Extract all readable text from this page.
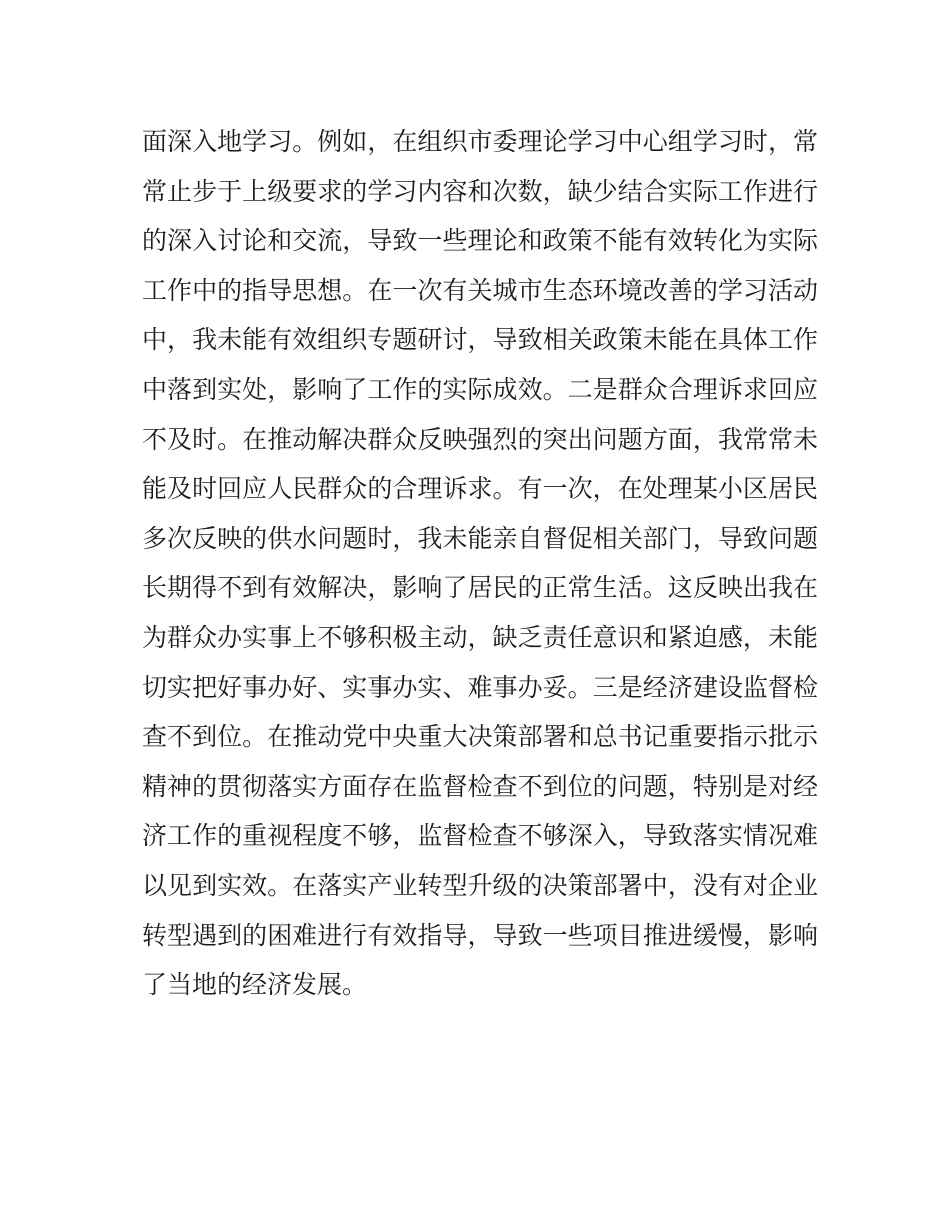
面深入地学习。例如，在组织市委理论学习中心组学习时，常
常止步于上级要求的学习内容和次数，缺少结合实际工作进行
的深入讨论和交流，导致一些理论和政策不能有效转化为实际
工作中的指导思想。在一次有关城市生态环境改善的学习活动
中，我未能有效组织专题研讨，导致相关政策未能在具体工作
中落到实处，影响了工作的实际成效。二是群众合理诉求回应
不及时。在推动解决群众反映强烈的突出问题方面，我常常未
能及时回应人民群众的合理诉求。有一次，在处理某小区居民
多次反映的供水问题时，我未能亲自督促相关部门，导致问题
长期得不到有效解决，影响了居民的正常生活。这反映出我在
为群众办实事上不够积极主动，缺乏责任意识和紧迫感，未能
切实把好事办好、实事办实、难事办妥。三是经济建设监督检
查不到位。在推动党中央重大决策部署和总书记重要指示批示
精神的贯彻落实方面存在监督检查不到位的问题，特别是对经
济工作的重视程度不够，监督检查不够深入，导致落实情况难
以见到实效。在落实产业转型升级的决策部署中，没有对企业
转型遇到的困难进行有效指导，导致一些项目推进缓慢，影响
了当地的经济发展。
